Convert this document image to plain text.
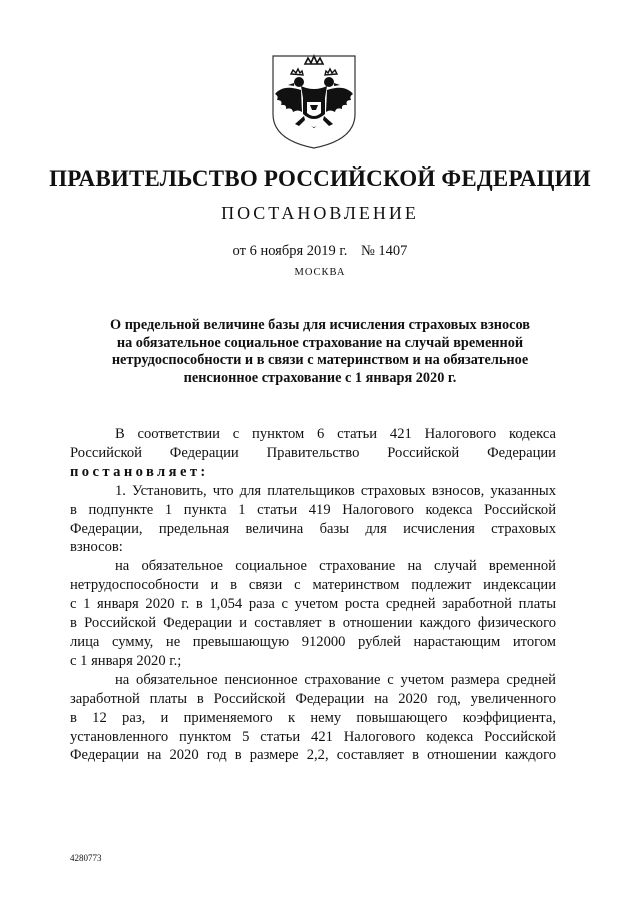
ПРАВИТЕЛЬСТВО РОССИЙСКОЙ ФЕДЕРАЦИИ
ПОСТАНОВЛЕНИЕ
от 6 ноября 2019 г. № 1407
МОСКВА
О предельной величине базы для исчисления страховых взносов
на обязательное социальное страхование на случай временной
нетрудоспособности и в связи с материнством и на обязательное
пенсионное страхование с 1 января 2020 г.
В соответствии с пунктом 6 статьи 421 Налогового кодекса
Российской Федерации Правительство Российской Федерации
постановляет:
1. Установить, что для плательщиков страховых взносов, указанных
в подпункте 1 пункта 1 статьи 419 Налогового кодекса Российской
Федерации, предельная величина базы для исчисления страховых
взносов:
на обязательное социальное страхование на случай временной
нетрудоспособности и в связи с материнством подлежит индексации
с 1 января 2020 г. в 1,054 раза с учетом роста средней заработной платы
в Российской Федерации и составляет в отношении каждого физического
лица сумму, не превышающую 912000 рублей нарастающим итогом
с 1 января 2020 г.;
на обязательное пенсионное страхование с учетом размера средней
заработной платы в Российской Федерации на 2020 год, увеличенного
в 12 раз, и применяемого к нему повышающего коэффициента,
установленного пунктом 5 статьи 421 Налогового кодекса Российской
Федерации на 2020 год в размере 2,2, составляет в отношении каждого
4280773
